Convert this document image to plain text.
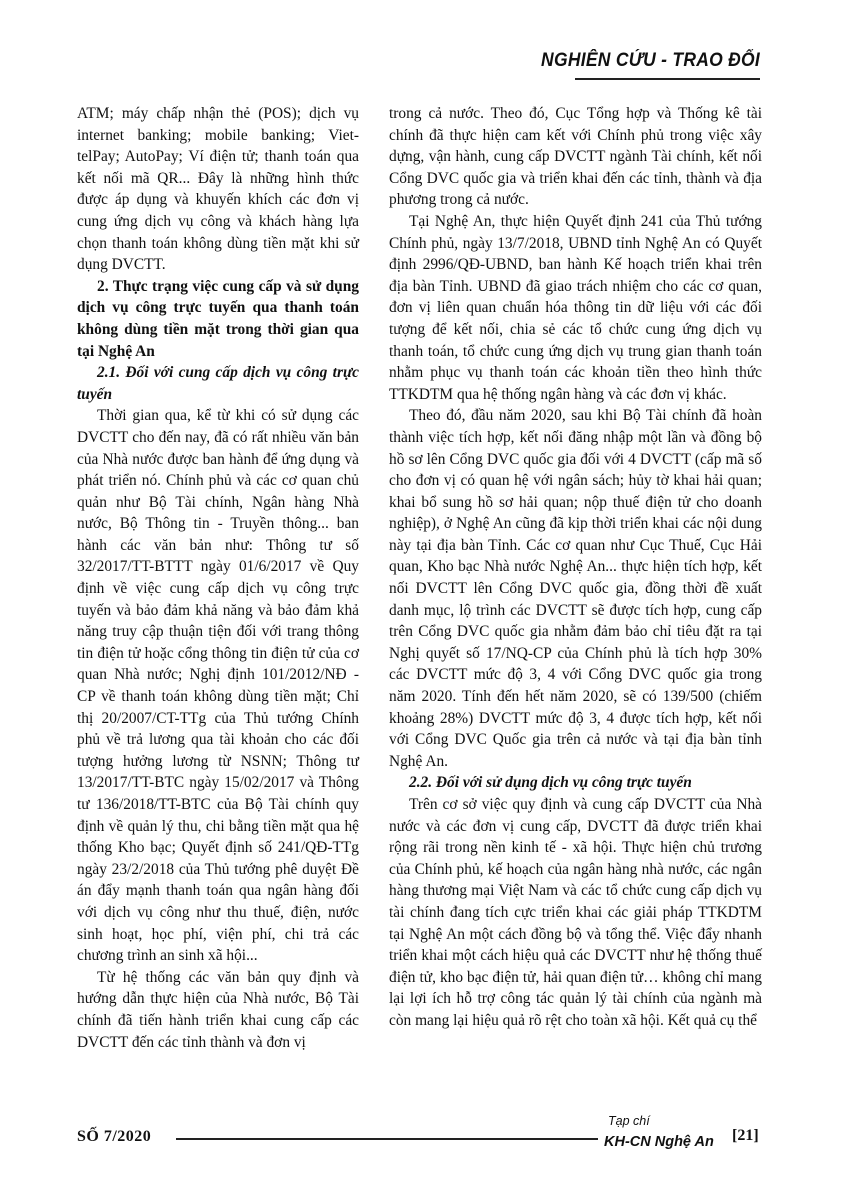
NGHIÊN CỨU - TRAO ĐỔI

ATM; máy chấp nhận thẻ (POS); dịch vụ internet banking; mobile banking; Viet-telPay; AutoPay; Ví điện tử; thanh toán qua kết nối mã QR... Đây là những hình thức được áp dụng và khuyến khích các đơn vị cung ứng dịch vụ công và khách hàng lựa chọn thanh toán không dùng tiền mặt khi sử dụng DVCTT.

2. Thực trạng việc cung cấp và sử dụng dịch vụ công trực tuyến qua thanh toán không dùng tiền mặt trong thời gian qua tại Nghệ An

2.1. Đối với cung cấp dịch vụ công trực tuyến

Thời gian qua, kể từ khi có sử dụng các DVCTT cho đến nay, đã có rất nhiều văn bản của Nhà nước được ban hành để ứng dụng và phát triển nó. Chính phủ và các cơ quan chủ quản như Bộ Tài chính, Ngân hàng Nhà nước, Bộ Thông tin - Truyền thông... ban hành các văn bản như: Thông tư số 32/2017/TT-BTTT ngày 01/6/2017 về Quy định về việc cung cấp dịch vụ công trực tuyến và bảo đảm khả năng và bảo đảm khả năng truy cập thuận tiện đối với trang thông tin điện tử hoặc cổng thông tin điện tử của cơ quan Nhà nước; Nghị định 101/2012/NĐ - CP về thanh toán không dùng tiền mặt; Chỉ thị 20/2007/CT-TTg của Thủ tướng Chính phủ về trả lương qua tài khoản cho các đối tượng hưởng lương từ NSNN; Thông tư 13/2017/TT-BTC ngày 15/02/2017 và Thông tư 136/2018/TT-BTC của Bộ Tài chính quy định về quản lý thu, chi bằng tiền mặt qua hệ thống Kho bạc; Quyết định số 241/QĐ-TTg ngày 23/2/2018 của Thủ tướng phê duyệt Đề án đẩy mạnh thanh toán qua ngân hàng đối với dịch vụ công như thu thuế, điện, nước sinh hoạt, học phí, viện phí, chi trả các chương trình an sinh xã hội...

Từ hệ thống các văn bản quy định và hướng dẫn thực hiện của Nhà nước, Bộ Tài chính đã tiến hành triển khai cung cấp các DVCTT đến các tỉnh thành và đơn vị

trong cả nước. Theo đó, Cục Tổng hợp và Thống kê tài chính đã thực hiện cam kết với Chính phủ trong việc xây dựng, vận hành, cung cấp DVCTT ngành Tài chính, kết nối Cổng DVC quốc gia và triển khai đến các tỉnh, thành và địa phương trong cả nước.

Tại Nghệ An, thực hiện Quyết định 241 của Thủ tướng Chính phủ, ngày 13/7/2018, UBND tỉnh Nghệ An có Quyết định 2996/QĐ-UBND, ban hành Kế hoạch triển khai trên địa bàn Tỉnh. UBND đã giao trách nhiệm cho các cơ quan, đơn vị liên quan chuẩn hóa thông tin dữ liệu với các đối tượng để kết nối, chia sẻ các tổ chức cung ứng dịch vụ thanh toán, tổ chức cung ứng dịch vụ trung gian thanh toán nhằm phục vụ thanh toán các khoản tiền theo hình thức TTKDTM qua hệ thống ngân hàng và các đơn vị khác.

Theo đó, đầu năm 2020, sau khi Bộ Tài chính đã hoàn thành việc tích hợp, kết nối đăng nhập một lần và đồng bộ hồ sơ lên Cổng DVC quốc gia đối với 4 DVCTT (cấp mã số cho đơn vị có quan hệ với ngân sách; hủy tờ khai hải quan; khai bổ sung hồ sơ hải quan; nộp thuế điện tử cho doanh nghiệp), ở Nghệ An cũng đã kịp thời triển khai các nội dung này tại địa bàn Tỉnh. Các cơ quan như Cục Thuế, Cục Hải quan, Kho bạc Nhà nước Nghệ An... thực hiện tích hợp, kết nối DVCTT lên Cổng DVC quốc gia, đồng thời đề xuất danh mục, lộ trình các DVCTT sẽ được tích hợp, cung cấp trên Cổng DVC quốc gia nhằm đảm bảo chỉ tiêu đặt ra tại Nghị quyết số 17/NQ-CP của Chính phủ là tích hợp 30% các DVCTT mức độ 3, 4 với Cổng DVC quốc gia trong năm 2020. Tính đến hết năm 2020, sẽ có 139/500 (chiếm khoảng 28%) DVCTT mức độ 3, 4 được tích hợp, kết nối với Cổng DVC Quốc gia trên cả nước và tại địa bàn tỉnh Nghệ An.

2.2. Đối với sử dụng dịch vụ công trực tuyến

Trên cơ sở việc quy định và cung cấp DVCTT của Nhà nước và các đơn vị cung cấp, DVCTT đã được triển khai rộng rãi trong nền kinh tế - xã hội. Thực hiện chủ trương của Chính phủ, kế hoạch của ngân hàng nhà nước, các ngân hàng thương mại Việt Nam và các tổ chức cung cấp dịch vụ tài chính đang tích cực triển khai các giải pháp TTKDTM tại Nghệ An một cách đồng bộ và tổng thể. Việc đẩy nhanh triển khai một cách hiệu quả các DVCTT như hệ thống thuế điện tử, kho bạc điện tử, hải quan điện tử… không chỉ mang lại lợi ích hỗ trợ công tác quản lý tài chính của ngành mà còn mang lại hiệu quả rõ rệt cho toàn xã hội. Kết quả cụ thể

SỐ 7/2020
Tạp chí
KH-CN Nghệ An [21]
